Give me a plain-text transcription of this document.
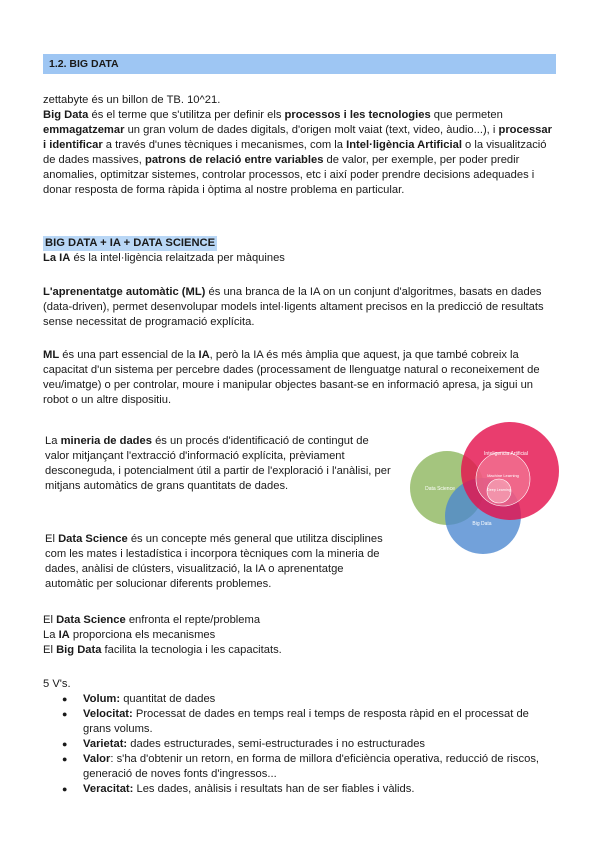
1.2. BIG DATA

zettabyte és un billon de TB. 10^21.

Big Data és el terme que s'utilitza per definir els processos i les tecnologies que permeten emmagatzemar un gran volum de dades digitals, d'origen molt vaiat (text, video, àudio...), i processar i identificar a través d'unes tècniques i mecanismes, com la Intel·ligència Artificial o la visualització de dades massives, patrons de relació entre variables de valor, per exemple, per poder predir anomalies, optimitzar sistemes, controlar processos, etc i així poder prendre decisions adequades i donar resposta de forma ràpida i òptima al nostre problema en particular.

BIG DATA + IA + DATA SCIENCE

La IA és la intel·ligència relaitzada per màquines

L'aprenentatge automàtic (ML) és una branca de la IA on un conjunt d'algoritmes, basats en dades (data-driven), permet desenvolupar models intel·ligents altament precisos en la predicció de resultats sense necessitat de programació explícita.

ML és una part essencial de la IA, però la IA és més àmplia que aquest, ja que també cobreix la capacitat d'un sistema per percebre dades (processament de llenguatge natural o reconeixement de veu/imatge) o per controlar, moure i manipular objectes basant-se en informació apresa, ja sigui un robot o un altre dispositiu.

La mineria de dades és un procés d'identificació de contingut de valor mitjançant l'extracció d'informació explícita, prèviament desconeguda, i potencialment útil a partir de l'exploració i l'anàlisi, per mitjans automàtics de grans quantitats de dades.

El Data Science és un concepte més general que utilitza disciplines com les mates i lestadística i incorpora tècniques com la mineria de dades, anàlisi de clústers, visualització, la IA o aprenentatge automàtic per solucionar diferents problemes.

Inteligencia Artificial
Machine Learning
Deep Learning
Data Science
Big Data

El Data Science enfronta el repte/problema

La IA proporciona els mecanismes

El Big Data facilita la tecnologia i les capacitats.

5 V's.

● Volum: quantitat de dades
● Velocitat: Processat de dades en temps real i temps de resposta ràpid en el processat de grans volums.
● Varietat: dades estructurades, semi-estructurades i no estructurades
● Valor: s'ha d'obtenir un retorn, en forma de millora d'eficiència operativa, reducció de riscos, generació de noves fonts d'ingressos...
● Veracitat: Les dades, anàlisis i resultats han de ser fiables i vàlids.
